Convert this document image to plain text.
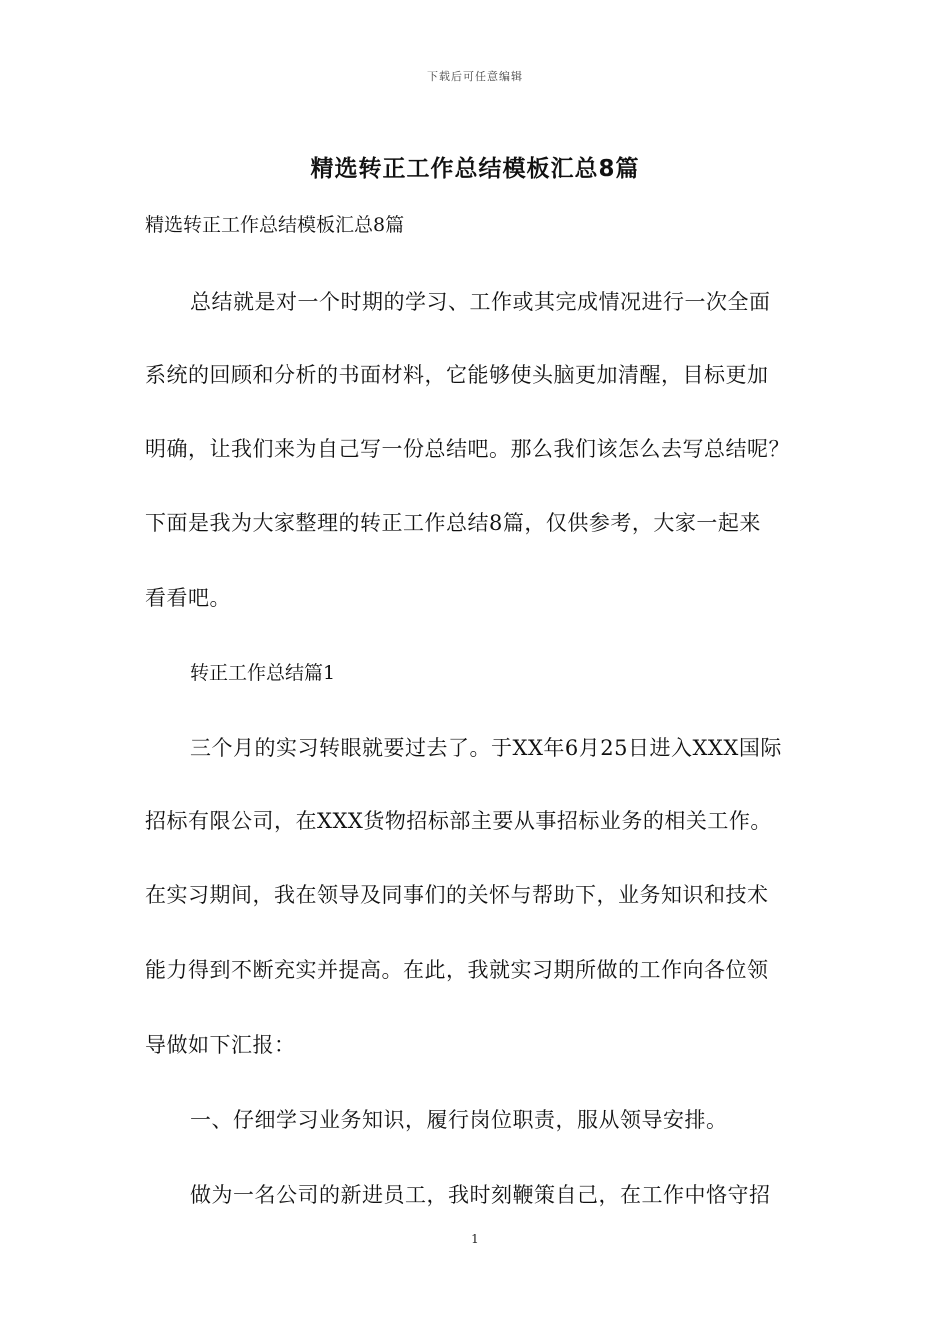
下载后可任意编辑
精选转正工作总结模板汇总8篇
精选转正工作总结模板汇总8篇
总结就是对一个时期的学习、工作或其完成情况进行一次全面
系统的回顾和分析的书面材料，它能够使头脑更加清醒，目标更加
明确，让我们来为自己写一份总结吧。那么我们该怎么去写总结呢？
下面是我为大家整理的转正工作总结8篇，仅供参考，大家一起来
看看吧。
转正工作总结篇1
三个月的实习转眼就要过去了。于XX年6月25日进入XXX国际
招标有限公司，在XXX货物招标部主要从事招标业务的相关工作。
在实习期间，我在领导及同事们的关怀与帮助下，业务知识和技术
能力得到不断充实并提高。在此，我就实习期所做的工作向各位领
导做如下汇报：
一、仔细学习业务知识，履行岗位职责，服从领导安排。
做为一名公司的新进员工，我时刻鞭策自己，在工作中恪守招
1
